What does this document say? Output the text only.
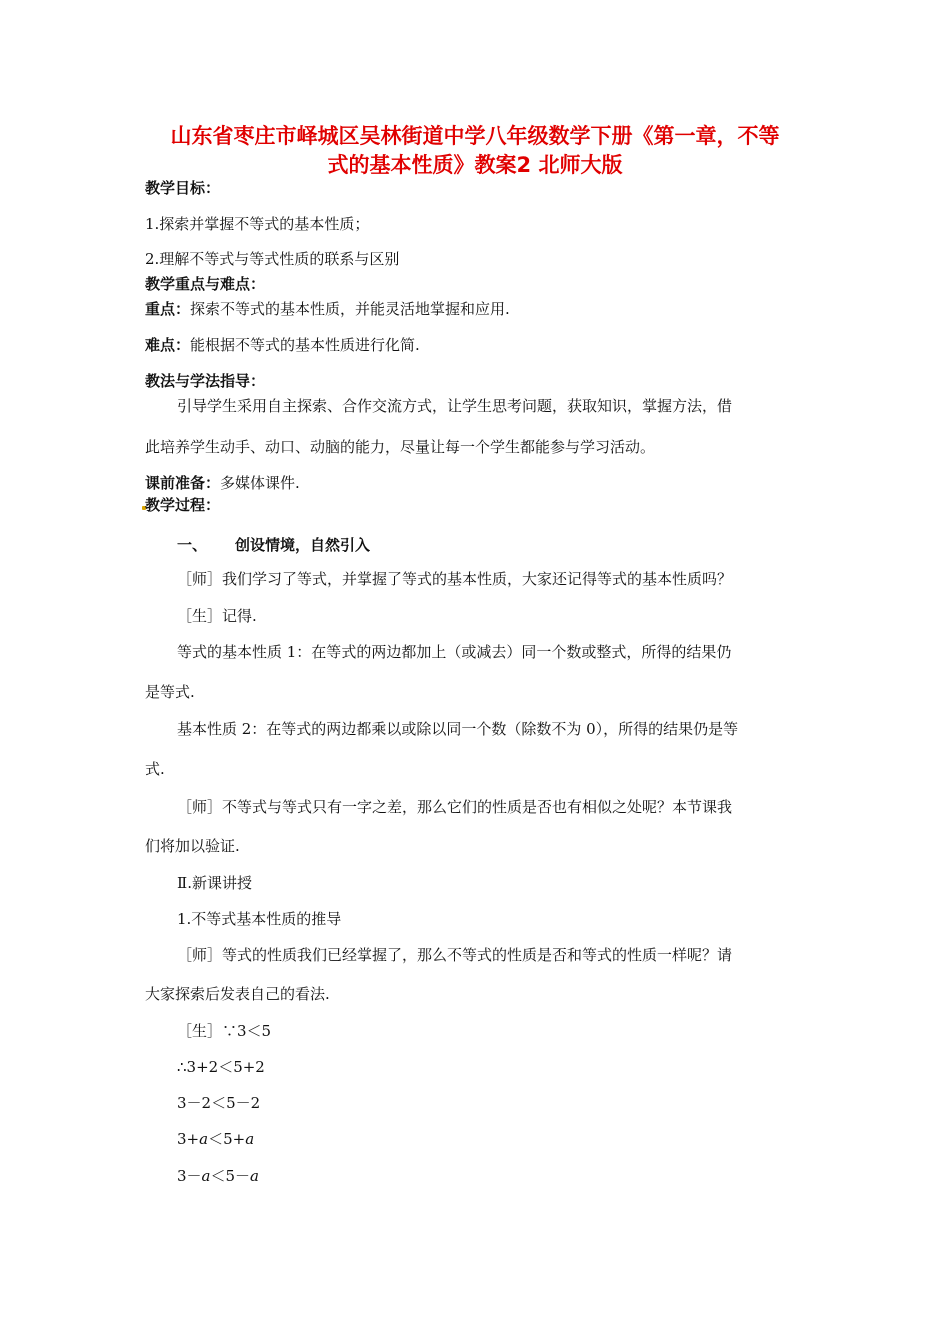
山东省枣庄市峄城区吴林街道中学八年级数学下册《第一章，不等
式的基本性质》教案2 北师大版
教学目标：
1.探索并掌握不等式的基本性质；
2.理解不等式与等式性质的联系与区别
教学重点与难点：
重点：探索不等式的基本性质，并能灵活地掌握和应用.
难点：能根据不等式的基本性质进行化简.
教法与学法指导：
引导学生采用自主探索、合作交流方式，让学生思考问题，获取知识，掌握方法，借
此培养学生动手、动口、动脑的能力，尽量让每一个学生都能参与学习活动。
课前准备：多媒体课件.
教学过程：
一、 创设情境，自然引入
［师］我们学习了等式，并掌握了等式的基本性质，大家还记得等式的基本性质吗？
［生］记得.
等式的基本性质 1：在等式的两边都加上（或减去）同一个数或整式，所得的结果仍
是等式.
基本性质 2：在等式的两边都乘以或除以同一个数（除数不为 0），所得的结果仍是等
式.
［师］不等式与等式只有一字之差，那么它们的性质是否也有相似之处呢？本节课我
们将加以验证.
Ⅱ.新课讲授
1.不等式基本性质的推导
［师］等式的性质我们已经掌握了，那么不等式的性质是否和等式的性质一样呢？请
大家探索后发表自己的看法.
［生］∵3＜5
∴3+2＜5+2
3－2＜5－2
3+a＜5+a
3－a＜5－a
